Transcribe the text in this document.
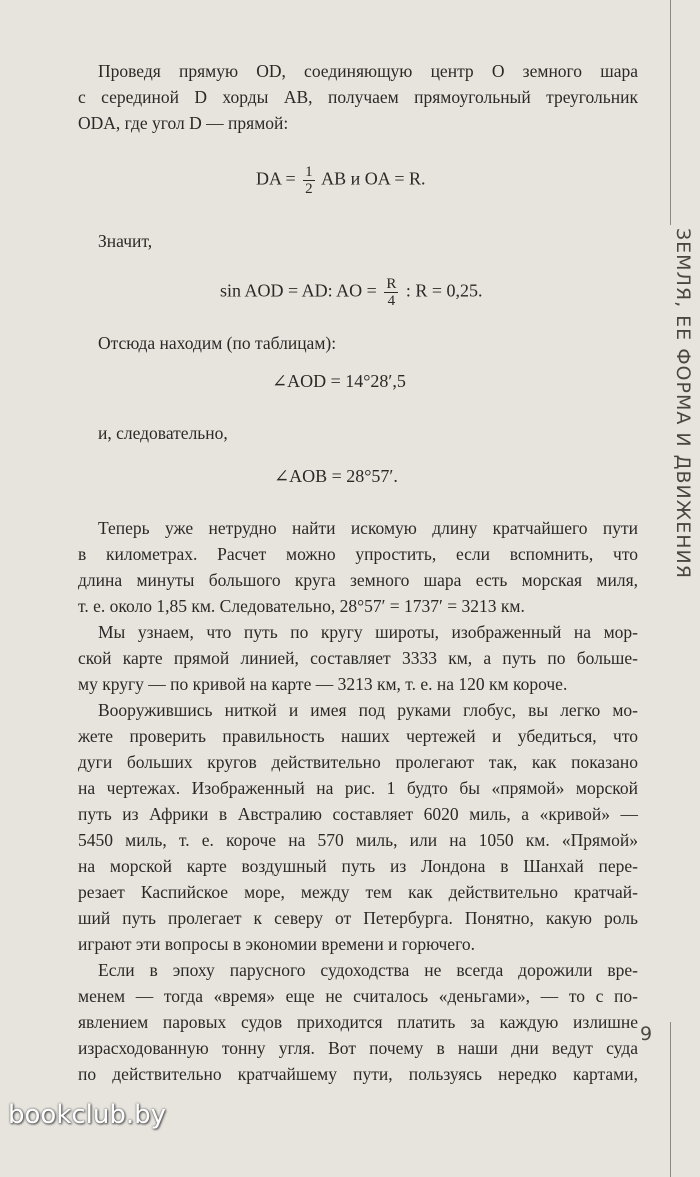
ЗЕМЛЯ, ЕЕ ФОРМА И ДВИЖЕНИЯ

Проведя прямую OD, соединяющую центр O земного шара

с серединой D хорды AB, получаем прямоугольный треугольник

ODA, где угол D — прямой:

DA = $\frac{1}{2}$ AB и OA = R.

Значит,

sin AOD = AD: AO = $\frac{R}{4}$ : R = 0,25.

Отсюда находим (по таблицам):

∠AOD = 14°28′,5

и, следовательно,

∠AOB = 28°57′.

Теперь уже нетрудно найти искомую длину кратчайшего пути

в километрах. Расчет можно упростить, если вспомнить, что

длина минуты большого круга земного шара есть морская миля,

т. е. около 1,85 км. Следовательно, 28°57′ = 1737′ = 3213 км.

Мы узнаем, что путь по кругу широты, изображенный на мор-

ской карте прямой линией, составляет 3333 км, а путь по больше-

му кругу — по кривой на карте — 3213 км, т. е. на 120 км короче.

Вооружившись ниткой и имея под руками глобус, вы легко мо-

жете проверить правильность наших чертежей и убедиться, что

дуги больших кругов действительно пролегают так, как показано

на чертежах. Изображенный на рис. 1 будто бы «прямой» морской

путь из Африки в Австралию составляет 6020 миль, а «кривой» —

5450 миль, т. е. короче на 570 миль, или на 1050 км. «Прямой»

на морской карте воздушный путь из Лондона в Шанхай пере-

резает Каспийское море, между тем как действительно кратчай-

ший путь пролегает к северу от Петербурга. Понятно, какую роль

играют эти вопросы в экономии времени и горючего.

Если в эпоху парусного судоходства не всегда дорожили вре-

менем — тогда «время» еще не считалось «деньгами», — то с по-

явлением паровых судов приходится платить за каждую излишне

израсходованную тонну угля. Вот почему в наши дни ведут суда

по действительно кратчайшему пути, пользуясь нередко картами,

9
bookclub.by
